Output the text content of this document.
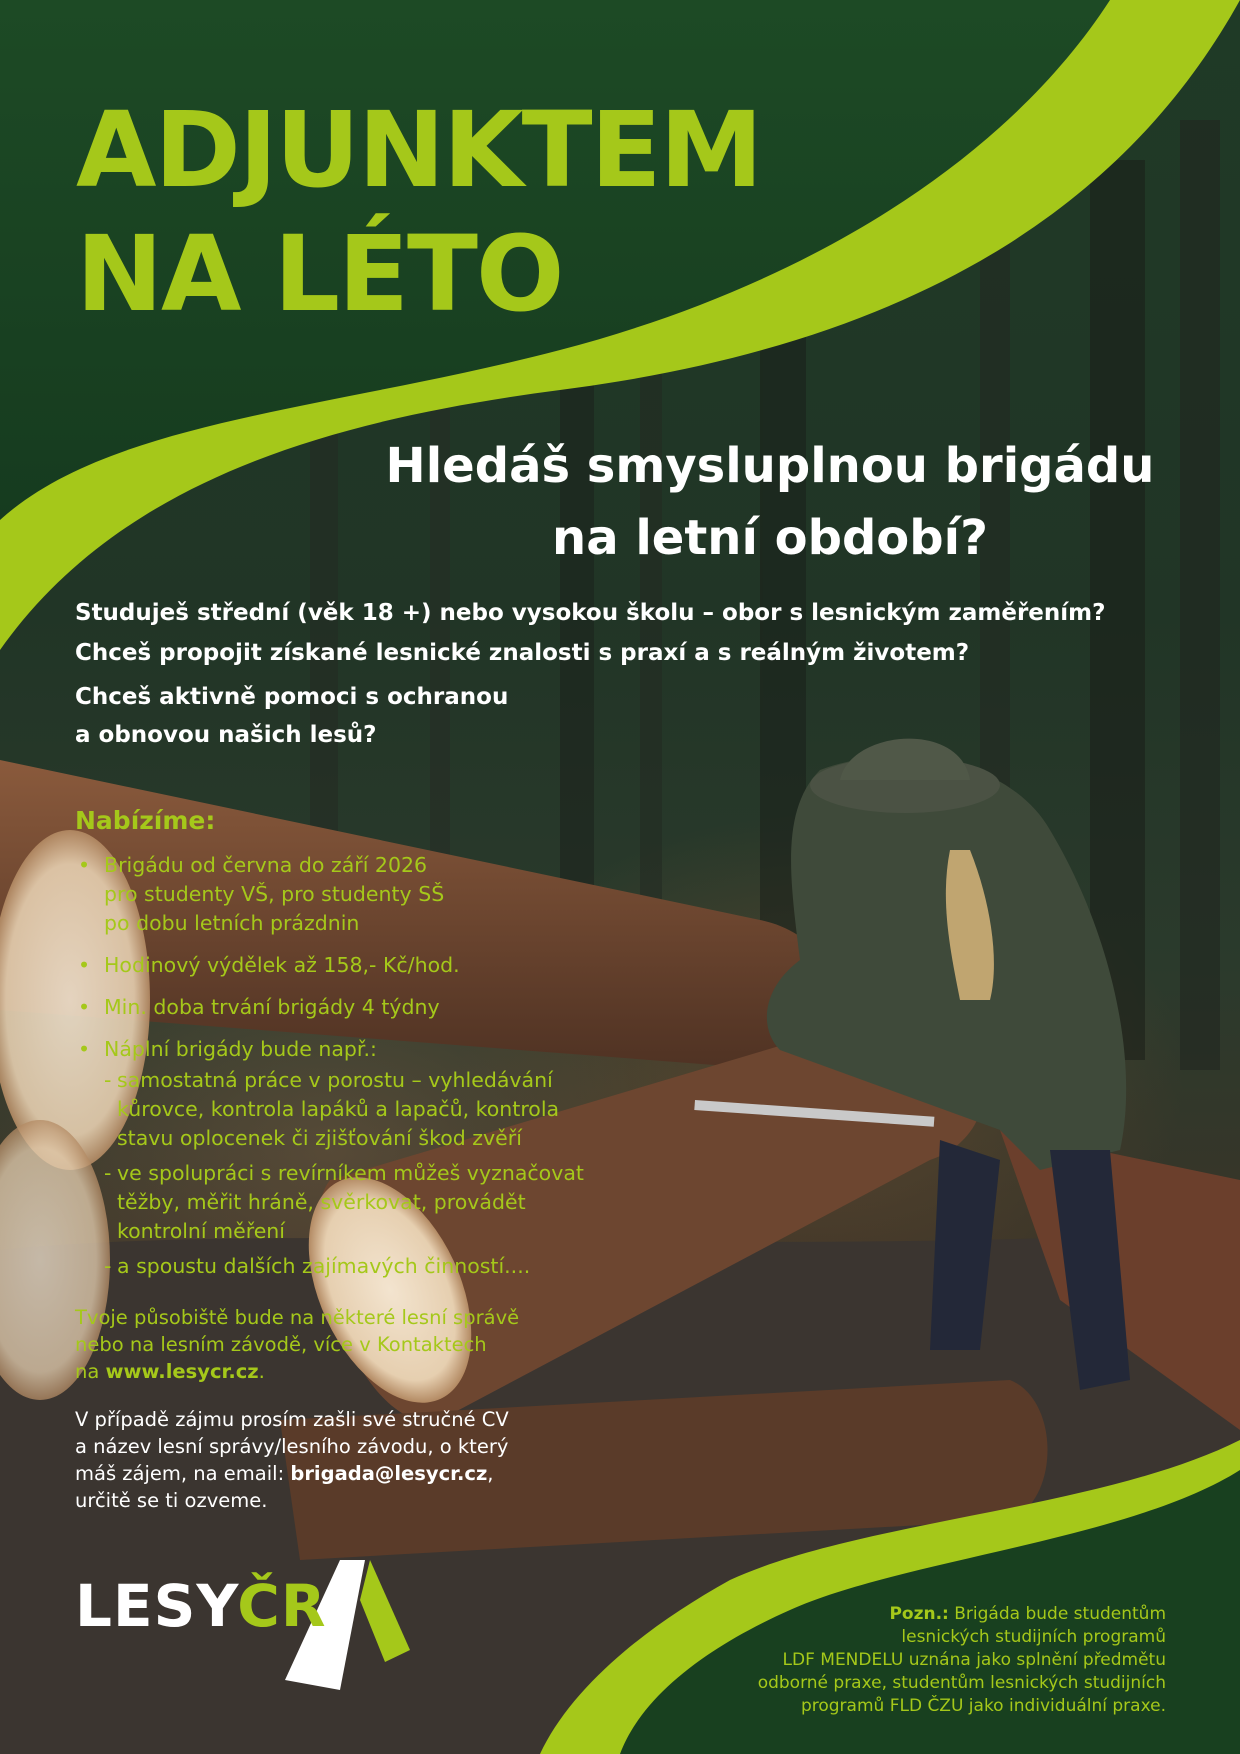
ADJUNKTEM
NA LÉTO
Hledáš smysluplnou brigádu
na letní období?
Studuješ střední (věk 18 +) nebo vysokou školu – obor s lesnickým zaměřením?
Chceš propojit získané lesnické znalosti s praxí a s reálným životem?
Chceš aktivně pomoci s ochranou
a obnovou našich lesů?
Nabízíme:
• Brigádu od června do září 2026
pro studenty VŠ, pro studenty SŠ
po dobu letních prázdnin
• Hodinový výdělek až 158,- Kč/hod.
• Min. doba trvání brigády 4 týdny
• Náplní brigády bude např.:
- samostatná práce v porostu – vyhledávání
kůrovce, kontrola lapáků a lapačů, kontrola
stavu oplocenek či zjišťování škod zvěří
- ve spolupráci s revírníkem můžeš vyznačovat
těžby, měřit hráně, svěrkovat, provádět
kontrolní měření
- a spoustu dalších zajímavých činností....
Tvoje působiště bude na některé lesní správě
nebo na lesním závodě, více v Kontaktech
na www.lesycr.cz.
V případě zájmu prosím zašli své stručné CV
a název lesní správy/lesního závodu, o který
máš zájem, na email: brigada@lesycr.cz,
určitě se ti ozveme.
LESYČR	Pozn.: Brigáda bude studentům
lesnických studijních programů
LDF MENDELU uznána jako splnění předmětu
odborné praxe, studentům lesnických studijních
programů FLD ČZU jako individuální praxe.
